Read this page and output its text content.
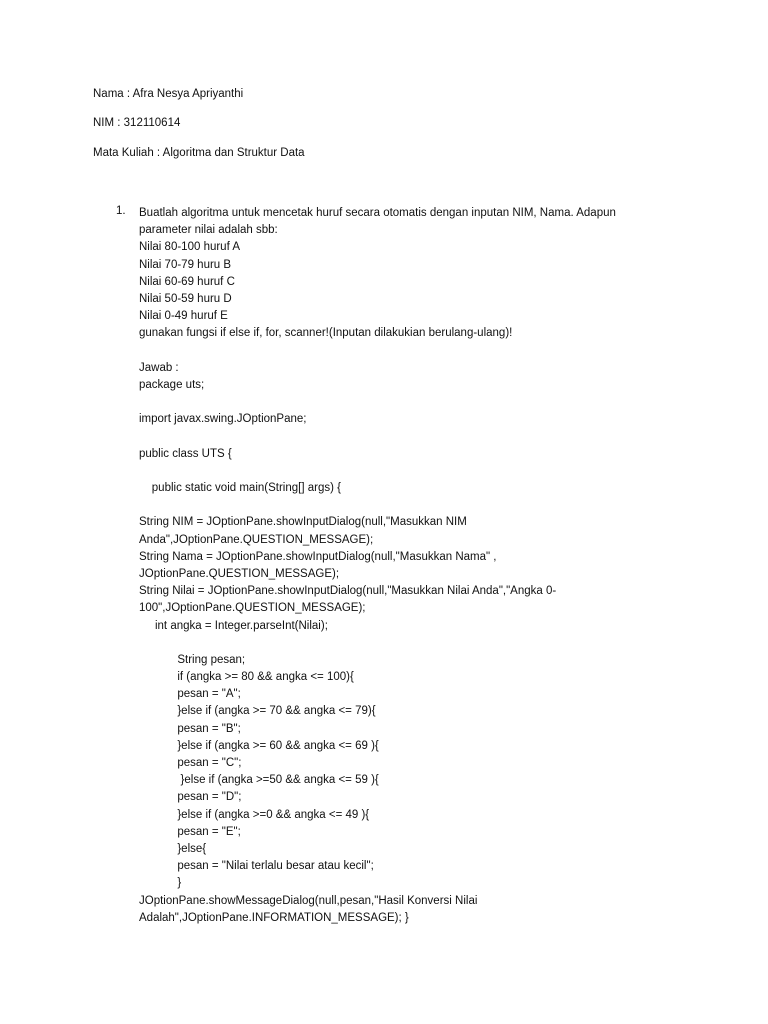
Nama : Afra Nesya Apriyanthi
NIM : 312110614
Mata Kuliah : Algoritma dan Struktur Data
1. Buatlah algoritma untuk mencetak huruf secara otomatis dengan inputan NIM, Nama. Adapun
parameter nilai adalah sbb:
Nilai 80-100 huruf A
Nilai 70-79 huru B
Nilai 60-69 huruf C
Nilai 50-59 huru D
Nilai 0-49 huruf E
gunakan fungsi if else if, for, scanner!(Inputan dilakukian berulang-ulang)!
Jawab :
package uts;
import javax.swing.JOptionPane;
public class UTS {
public static void main(String[] args) {
String NIM = JOptionPane.showInputDialog(null,"Masukkan NIM
Anda",JOptionPane.QUESTION_MESSAGE);
String Nama = JOptionPane.showInputDialog(null,"Masukkan Nama" ,
JOptionPane.QUESTION_MESSAGE);
String Nilai = JOptionPane.showInputDialog(null,"Masukkan Nilai Anda","Angka 0-
100",JOptionPane.QUESTION_MESSAGE);
int angka = Integer.parseInt(Nilai);
String pesan;
if (angka >= 80 && angka <= 100){
pesan = "A";
}else if (angka >= 70 && angka <= 79){
pesan = "B";
}else if (angka >= 60 && angka <= 69 ){
pesan = "C";
}else if (angka >=50 && angka <= 59 ){
pesan = "D";
}else if (angka >=0 && angka <= 49 ){
pesan = "E";
}else{
pesan = "Nilai terlalu besar atau kecil";
}
JOptionPane.showMessageDialog(null,pesan,"Hasil Konversi Nilai
Adalah",JOptionPane.INFORMATION_MESSAGE); }
